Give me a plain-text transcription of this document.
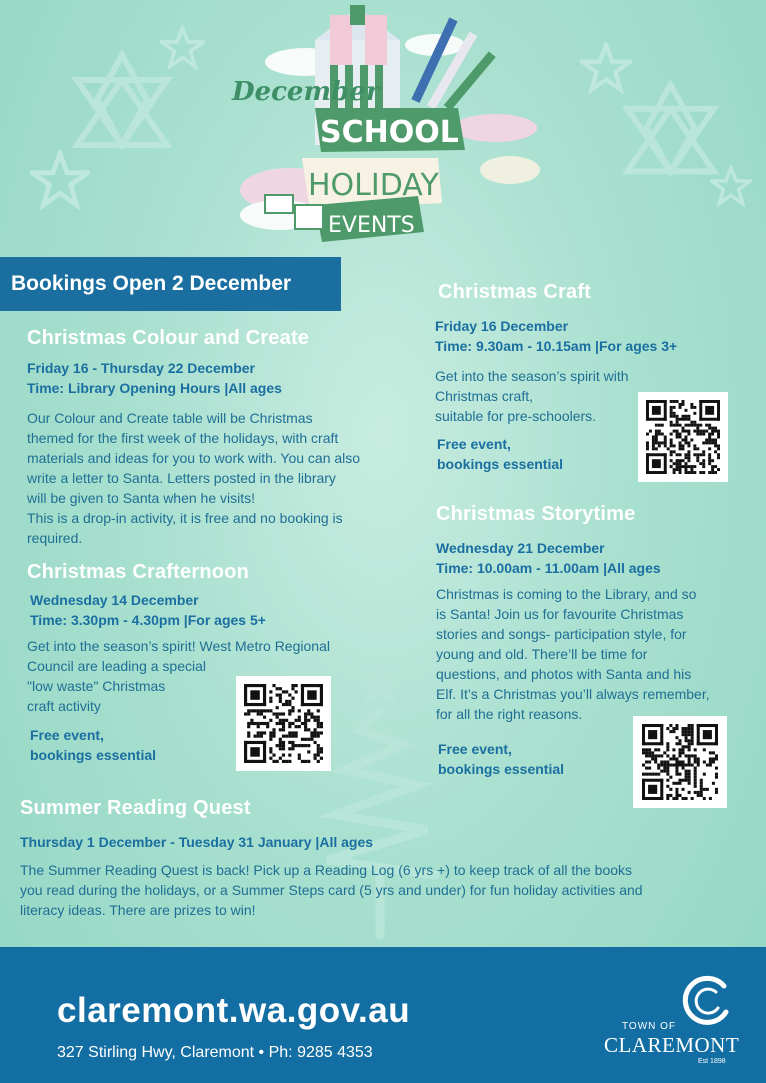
December
SCHOOL
HOLIDAY
EVENTS
Bookings Open 2 December
Christmas Colour and Create
Friday 16 - Thursday 22 December
Time: Library Opening Hours |All ages
Our Colour and Create table will be Christmas
themed for the first week of the holidays, with craft
materials and ideas for you to work with. You can also
write a letter to Santa. Letters posted in the library
will be given to Santa when he visits!
This is a drop-in activity, it is free and no booking is
required.
Christmas Crafternoon
Wednesday 14 December
Time: 3.30pm - 4.30pm |For ages 5+
Get into the season’s spirit! West Metro Regional
Council are leading a special
"low waste" Christmas
craft activity
Free event,
bookings essential
Christmas Craft
Friday 16 December
Time: 9.30am - 10.15am |For ages 3+
Get into the season’s spirit with
Christmas craft,
suitable for pre-schoolers.
Free event,
bookings essential
Christmas Storytime
Wednesday 21 December
Time: 10.00am - 11.00am |All ages
Christmas is coming to the Library, and so
is Santa! Join us for favourite Christmas
stories and songs- participation style, for
young and old. There’ll be time for
questions, and photos with Santa and his
Elf. It’s a Christmas you’ll always remember,
for all the right reasons.
Free event,
bookings essential
Summer Reading Quest
Thursday 1 December - Tuesday 31 January |All ages
The Summer Reading Quest is back! Pick up a Reading Log (6 yrs +) to keep track of all the books
you read during the holidays, or a Summer Steps card (5 yrs and under) for fun holiday activities and
literacy ideas. There are prizes to win!
claremont.wa.gov.au
327 Stirling Hwy, Claremont • Ph: 9285 4353
TOWN OF
CLAREMONT
Est 1898
